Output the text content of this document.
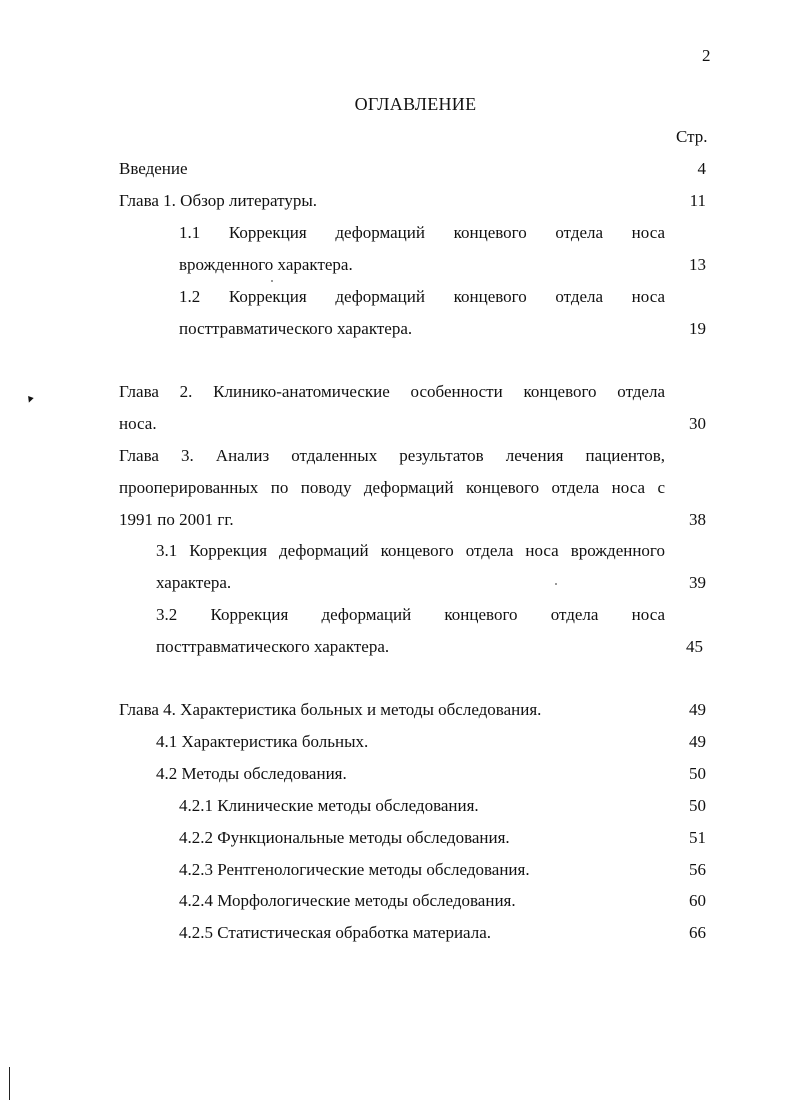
2
ОГЛАВЛЕНИЕ
Стр.
Введение	4
Глава 1. Обзор литературы.	11
1.1 Коррекция деформаций концевого отдела носа
врожденного характера.	13
1.2 Коррекция деформаций концевого отдела носа
посттравматического характера.	19
Глава 2. Клинико-анатомические особенности концевого отдела
носа.	30
Глава 3. Анализ отдаленных результатов лечения пациентов,
прооперированных по поводу деформаций концевого отдела носа с
1991 по 2001 гг.	38
3.1 Коррекция деформаций концевого отдела носа врожденного
характера.	39
3.2 Коррекция деформаций концевого отдела носа
посттравматического характера.	45
Глава 4. Характеристика больных и методы обследования.	49
4.1 Характеристика больных.	49
4.2 Методы обследования.	50
4.2.1 Клинические методы обследования.	50
4.2.2 Функциональные методы обследования.	51
4.2.3 Рентгенологические методы обследования.	56
4.2.4 Морфологические методы обследования.	60
4.2.5 Статистическая обработка материала.	66
▾
